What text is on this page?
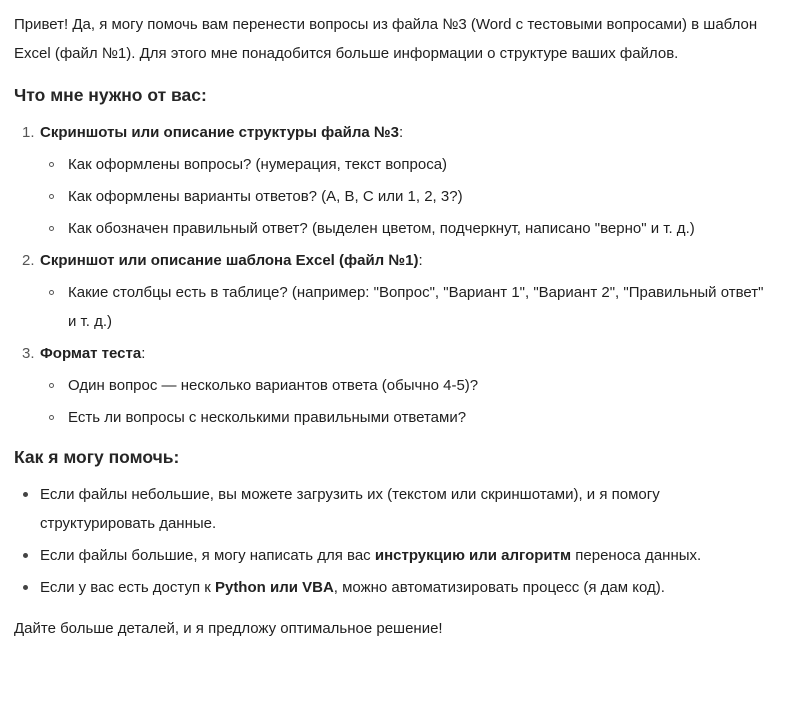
Привет! Да, я могу помочь вам перенести вопросы из файла №3 (Word с тестовыми вопросами) в шаблон Excel (файл №1). Для этого мне понадобится больше информации о структуре ваших файлов.

Что мне нужно от вас:
1. Скриншоты или описание структуры файла №3:
Как оформлены вопросы? (нумерация, текст вопроса)
Как оформлены варианты ответов? (А, В, С или 1, 2, 3?)
Как обозначен правильный ответ? (выделен цветом, подчеркнут, написано "верно" и т. д.)
2. Скриншот или описание шаблона Excel (файл №1):
Какие столбцы есть в таблице? (например: "Вопрос", "Вариант 1", "Вариант 2", "Правильный ответ" и т. д.)
3. Формат теста:
Один вопрос — несколько вариантов ответа (обычно 4-5)?
Есть ли вопросы с несколькими правильными ответами?
Как я могу помочь:
Если файлы небольшие, вы можете загрузить их (текстом или скриншотами), и я помогу структурировать данные.
Если файлы большие, я могу написать для вас инструкцию или алгоритм переноса данных.
Если у вас есть доступ к Python или VBA, можно автоматизировать процесс (я дам код).

Дайте больше деталей, и я предложу оптимальное решение!
